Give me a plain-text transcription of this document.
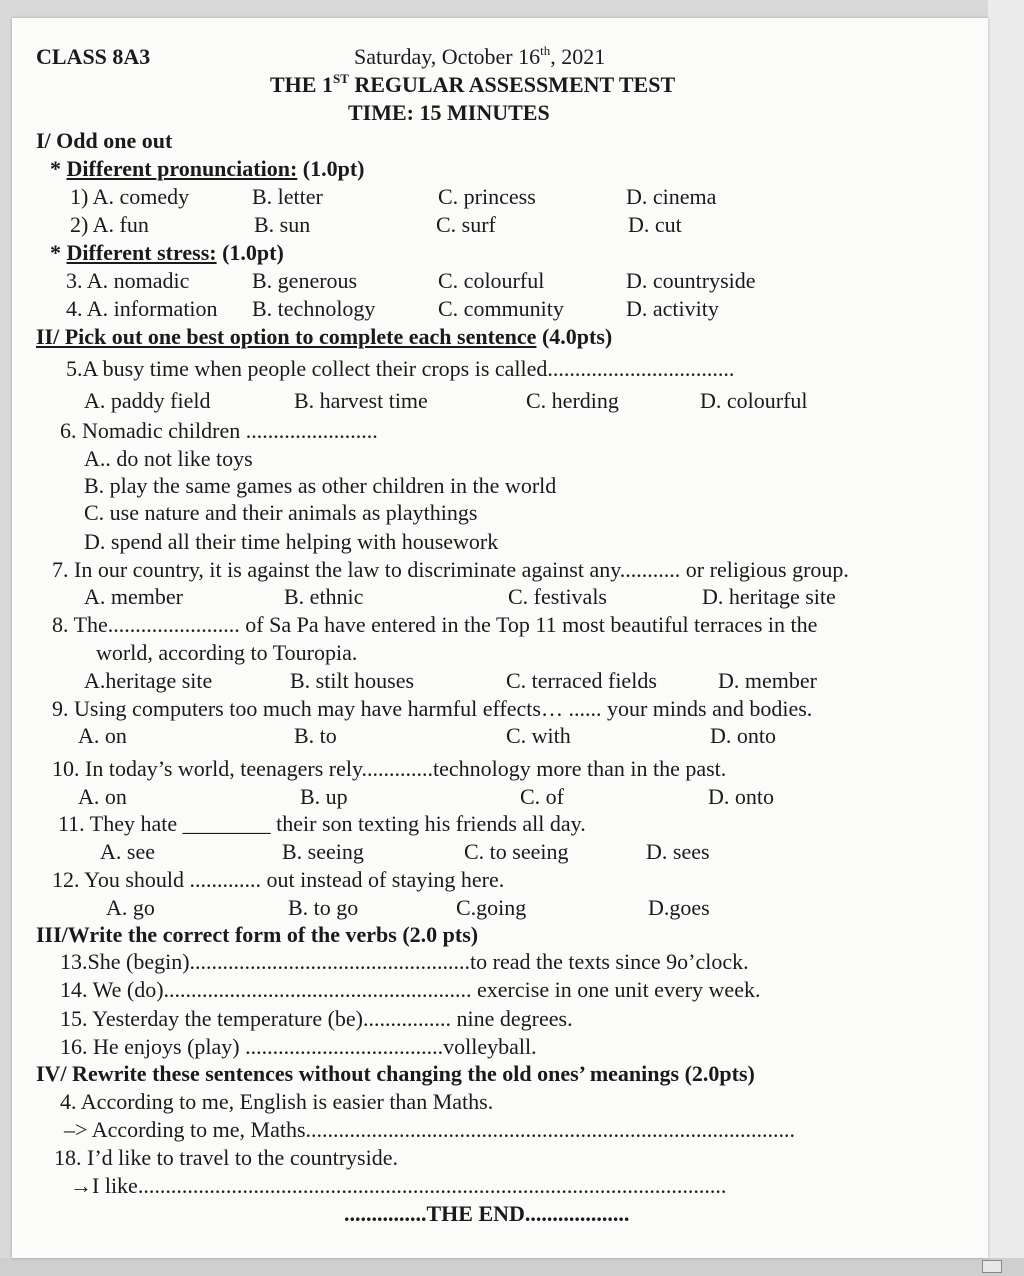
CLASS 8A3	Saturday, October 16th, 2021
THE 1ST REGULAR ASSESSMENT TEST
TIME: 15 MINUTES
I/ Odd one out
* Different pronunciation: (1.0pt)
1) A. comedy	B. letter	C. princess	D. cinema
2) A. fun	B. sun	C. surf	D. cut
* Different stress: (1.0pt)
3. A. nomadic	B. generous	C. colourful	D. countryside
4. A. information B. technology	C. community	D. activity
II/ Pick out one best option to complete each sentence (4.0pts)
5.A busy time when people collect their crops is called..................................
A. paddy field	B. harvest time	C. herding	D. colourful
6. Nomadic children ........................
A.. do not like toys
B. play the same games as other children in the world
C. use nature and their animals as playthings
D. spend all their time helping with housework
7. In our country, it is against the law to discriminate against any........... or religious group.
A. member	B. ethnic	C. festivals	D. heritage site
8. The........................ of Sa Pa have entered in the Top 11 most beautiful terraces in the
world, according to Touropia.
A.heritage site	B. stilt houses	C. terraced fields	D. member
9. Using computers too much may have harmful effects… ...... your minds and bodies.
A. on	B. to	C. with	D. onto
10. In today’s world, teenagers rely.............technology more than in the past.
A. on	B. up	C. of	D. onto
11. They hate ________ their son texting his friends all day.
A. see	B. seeing	C. to seeing	D. sees
12. You should ............. out instead of staying here.
A. go	B. to go	C.going	D.goes
III/Write the correct form of the verbs (2.0 pts)
13.She (begin)...................................................to read the texts since 9o’clock.
14. We (do)........................................................ exercise in one unit every week.
15. Yesterday the temperature (be)................ nine degrees.
16. He enjoys (play) ....................................volleyball.
IV/ Rewrite these sentences without changing the old ones’ meanings (2.0pts)
4. According to me, English is easier than Maths.
–> According to me, Maths.........................................................................................
18. I’d like to travel to the countryside.
→I like...........................................................................................................
...............THE END...................
